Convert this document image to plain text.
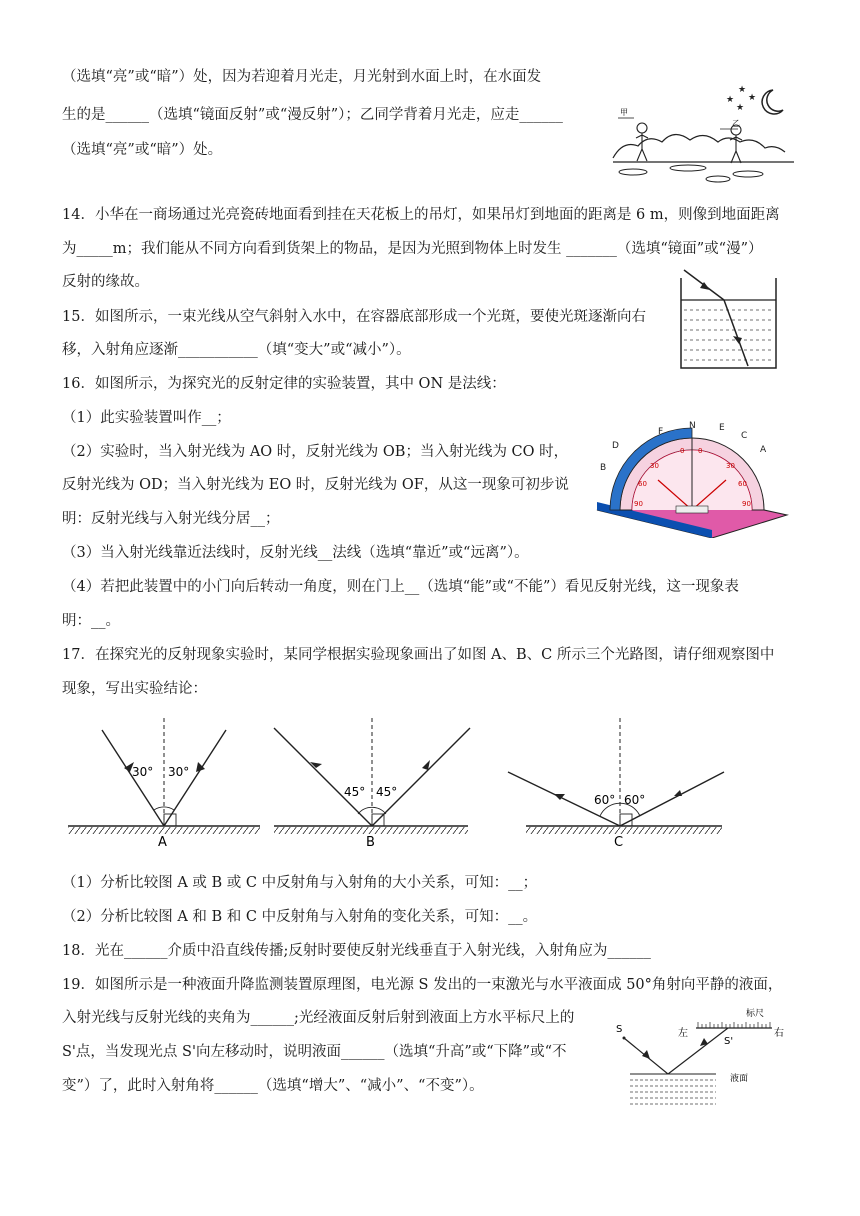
（选填“亮”或“暗”）处，因为若迎着月光走，月光射到水面上时，在水面发
生的是______（选填“镜面反射”或“漫反射”）；乙同学背着月光走，应走______
（选填“亮”或“暗”）处。
14．小华在一商场通过光亮瓷砖地面看到挂在天花板上的吊灯，如果吊灯到地面的距离是 6 m，则像到地面距离
为_____m；我们能从不同方向看到货架上的物品，是因为光照到物体上时发生 _______（选填“镜面”或“漫”）
反射的缘故。
15．如图所示，一束光线从空气斜射入水中，在容器底部形成一个光斑，要使光斑逐渐向右
移，入射角应逐渐___________（填“变大”或“减小”）。
16．如图所示，为探究光的反射定律的实验装置，其中 ON 是法线：
（1）此实验装置叫作__；
（2）实验时，当入射光线为 AO 时，反射光线为 OB；当入射光线为 CO 时，
反射光线为 OD；当入射光线为 EO 时，反射光线为 OF，从这一现象可初步说
明：反射光线与入射光线分居__；
（3）当入射光线靠近法线时，反射光线__法线（选填“靠近”或“远离”）。
（4）若把此装置中的小门向后转动一角度，则在门上__（选填“能”或“不能”）看见反射光线，这一现象表
明：__。
17．在探究光的反射现象实验时，某同学根据实验现象画出了如图 A、B、C 所示三个光路图，请仔细观察图中
现象，写出实验结论：
（1）分析比较图 A 或 B 或 C 中反射角与入射角的大小关系，可知：__；
（2）分析比较图 A 和 B 和 C 中反射角与入射角的变化关系，可知：__。
18．光在______介质中沿直线传播;反射时要使反射光线垂直于入射光线，入射角应为______
19．如图所示是一种液面升降监测装置原理图，电光源 S 发出的一束激光与水平液面成 50°角射向平静的液面，
入射光线与反射光线的夹角为______;光经液面反射后射到液面上方水平标尺上的
S'点，当发现光点 S'向左移动时，说明液面______（选填“升高”或“下降”或“不
变”）了，此时入射角将______（选填“增大”、“减小”、“不变”）。
★
★
★
★
甲
乙
D
F
N	E
C
B
A
0 0
30	30
60	60
90	90
30° 30°
A
45° 45°
B
60° 60°
C
标尺
左	右
S
S'
液面
